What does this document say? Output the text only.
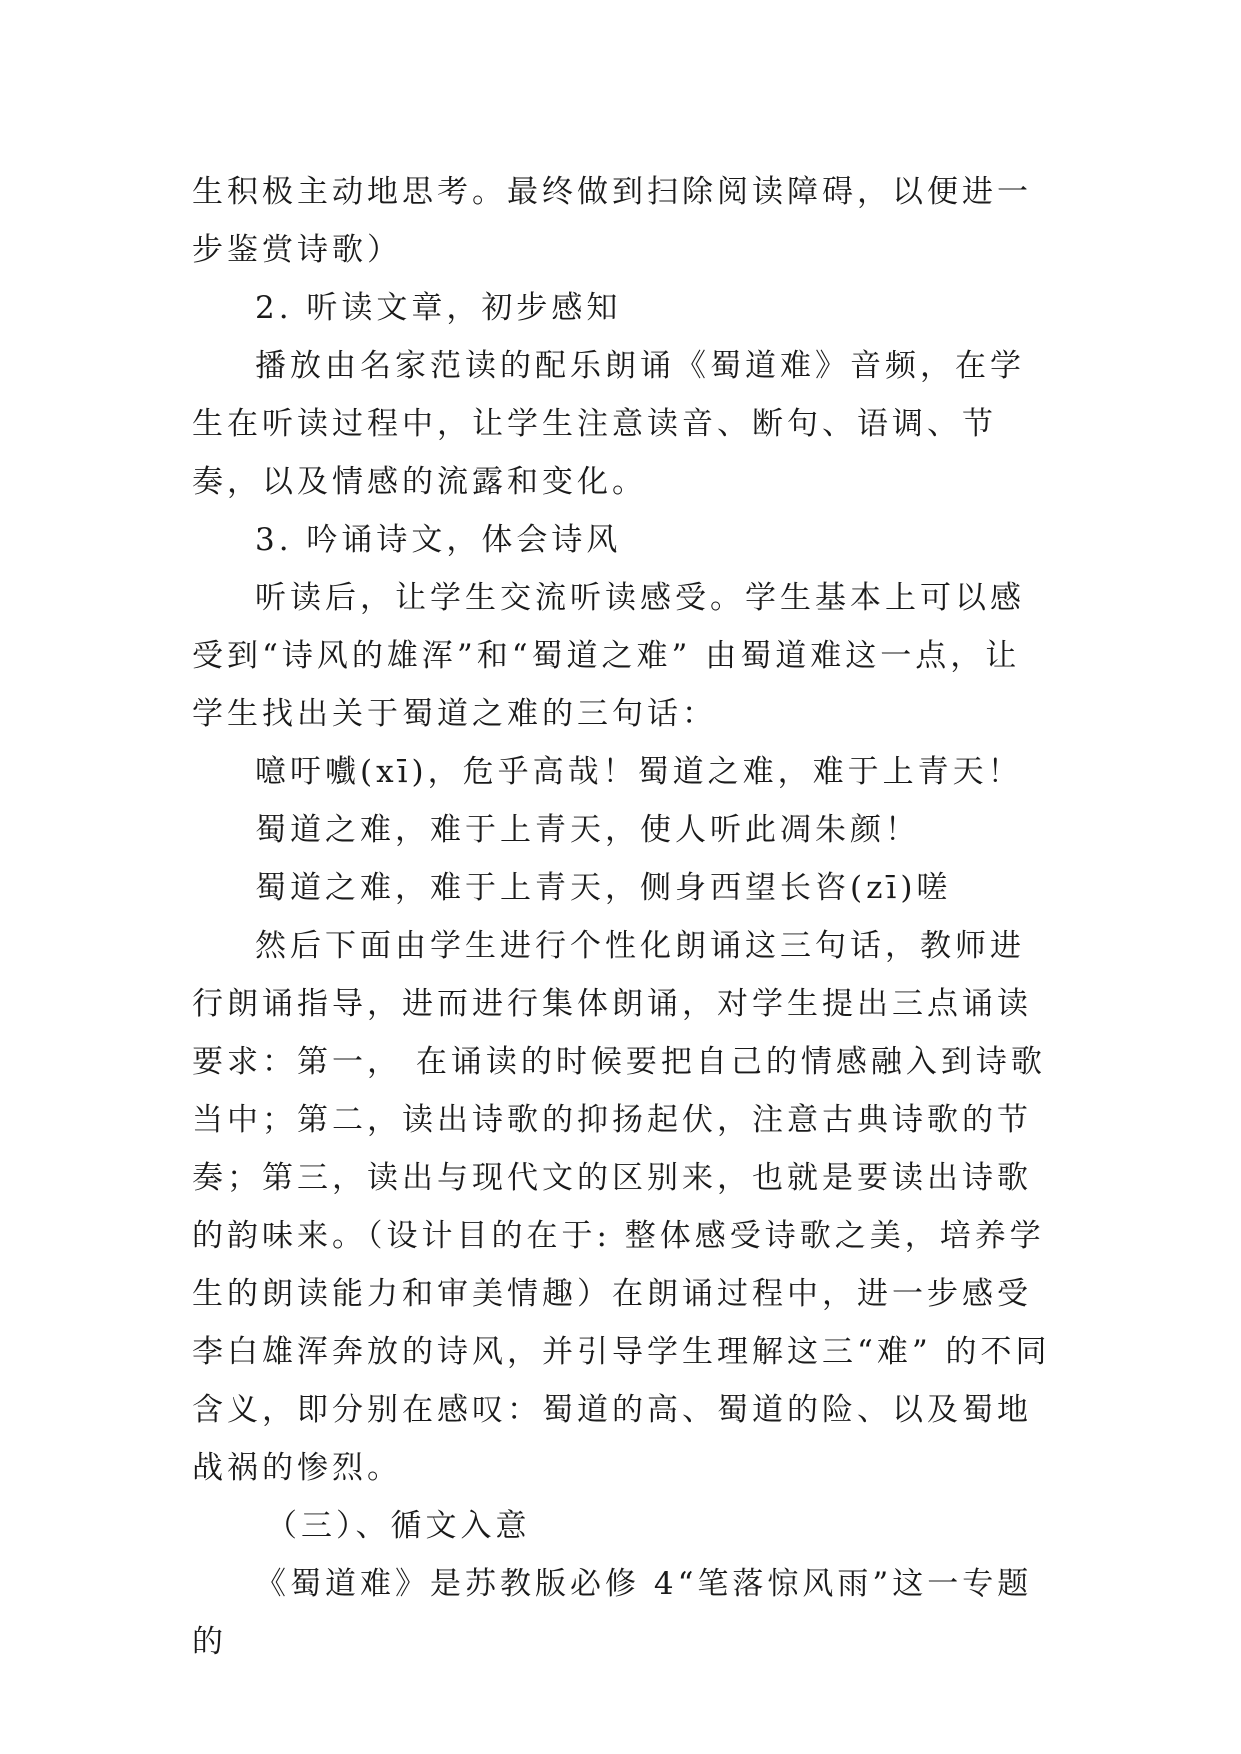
生积极主动地思考。最终做到扫除阅读障碍，以便进一步鉴赏诗歌）

2. 听读文章，初步感知

播放由名家范读的配乐朗诵《蜀道难》音频，在学生在听读过程中，让学生注意读音、断句、语调、节奏，以及情感的流露和变化。

3. 吟诵诗文，体会诗风

听读后，让学生交流听读感受。学生基本上可以感受到“诗风的雄浑”和“蜀道之难” 由蜀道难这一点，让学生找出关于蜀道之难的三句话：

噫吁嚱(xī)，危乎高哉！蜀道之难，难于上青天！

蜀道之难，难于上青天，使人听此凋朱颜！

蜀道之难，难于上青天，侧身西望长咨(zī)嗟

然后下面由学生进行个性化朗诵这三句话，教师进行朗诵指导，进而进行集体朗诵，对学生提出三点诵读要求：第一， 在诵读的时候要把自己的情感融入到诗歌当中；第二，读出诗歌的抑扬起伏，注意古典诗歌的节奏；第三，读出与现代文的区别来，也就是要读出诗歌的韵味来。（设计目的在于: 整体感受诗歌之美，培养学生的朗读能力和审美情趣）在朗诵过程中，进一步感受李白雄浑奔放的诗风，并引导学生理解这三“难” 的不同含义，即分别在感叹：蜀道的高、蜀道的险、以及蜀地战祸的惨烈。

（三）、循文入意

《蜀道难》是苏教版必修 4“笔落惊风雨”这一专题的
